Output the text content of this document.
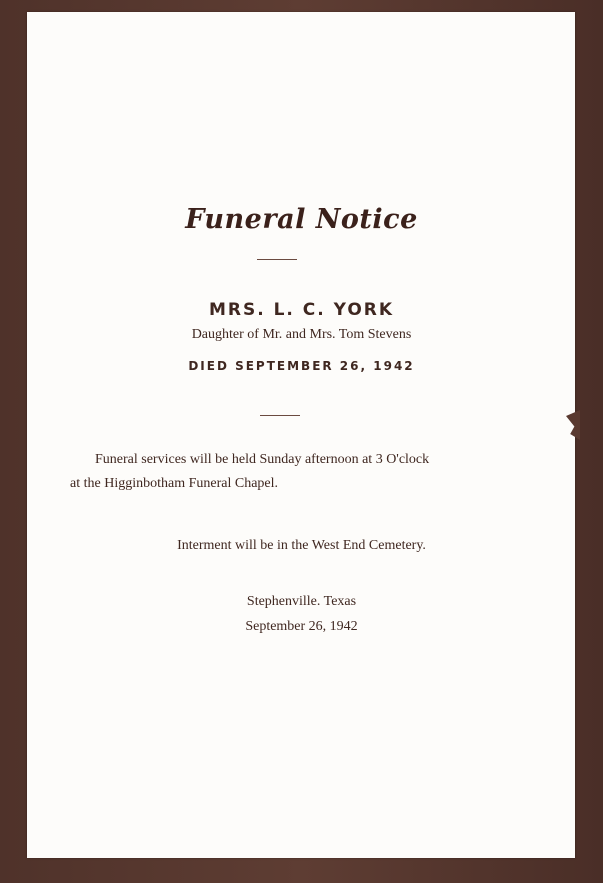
Funeral Notice
MRS. L. C. YORK
Daughter of Mr. and Mrs. Tom Stevens
DIED SEPTEMBER 26, 1942
Funeral services will be held Sunday afternoon at 3 O'clock
at the Higginbotham Funeral Chapel.
Interment will be in the West End Cemetery.
Stephenville. Texas
September 26, 1942
